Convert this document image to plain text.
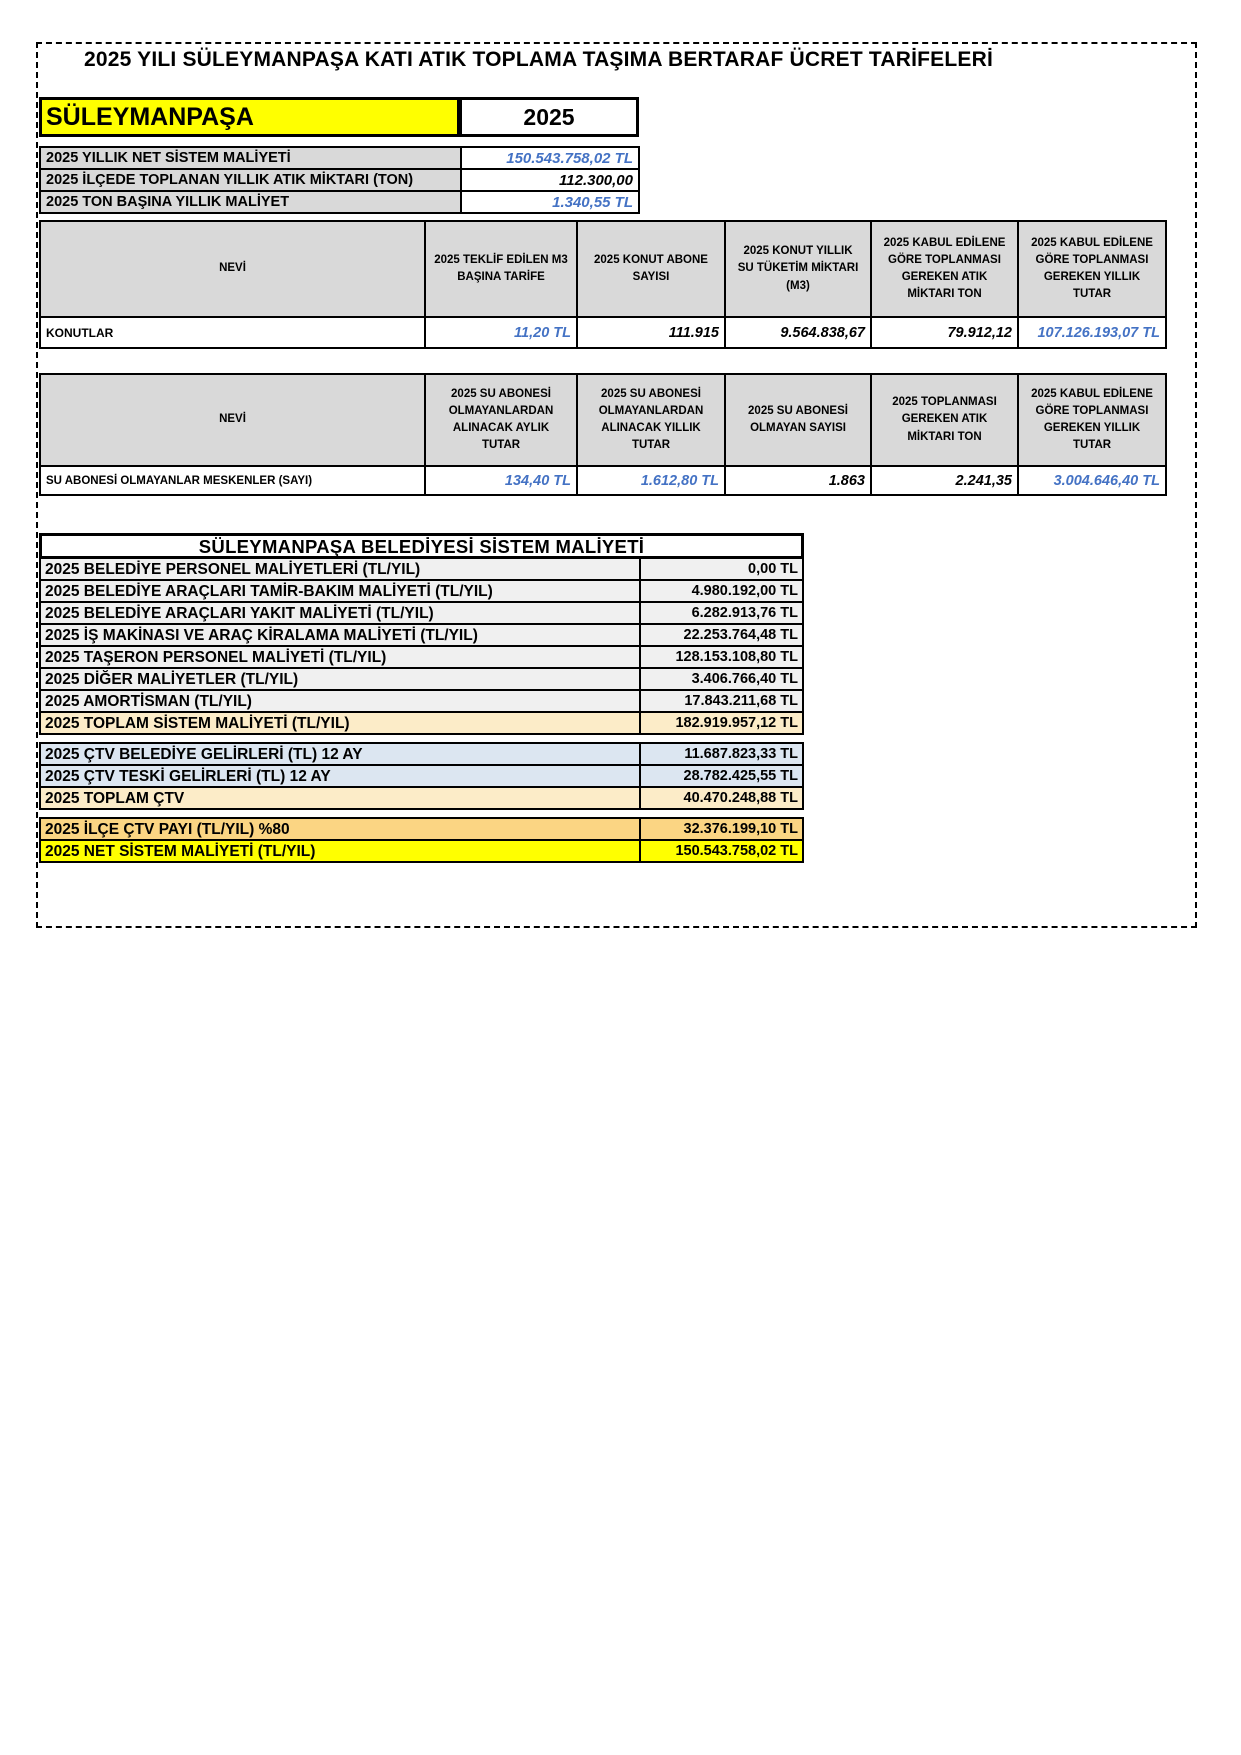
2025 YILI SÜLEYMANPAŞA KATI ATIK TOPLAMA TAŞIMA BERTARAF ÜCRET TARİFELERİ
SÜLEYMANPAŞA	2025
2025 YILLIK NET SİSTEM MALİYETİ	150.543.758,02 TL
2025 İLÇEDE TOPLANAN YILLIK ATIK MİKTARI (TON)	112.300,00
2025 TON BAŞINA YILLIK MALİYET	1.340,55 TL
NEVİ	2025 TEKLİF EDİLEN M3 BAŞINA TARİFE	2025 KONUT ABONE SAYISI	2025 KONUT YILLIK SU TÜKETİM MİKTARI (M3)	2025 KABUL EDİLENE GÖRE TOPLANMASI GEREKEN ATIK MİKTARI TON	2025 KABUL EDİLENE GÖRE TOPLANMASI GEREKEN YILLIK TUTAR
KONUTLAR	11,20 TL	111.915	9.564.838,67	79.912,12	107.126.193,07 TL
NEVİ	2025 SU ABONESİ OLMAYANLARDAN ALINACAK AYLIK TUTAR	2025 SU ABONESİ OLMAYANLARDAN ALINACAK YILLIK TUTAR	2025 SU ABONESİ OLMAYAN SAYISI	2025 TOPLANMASI GEREKEN ATIK MİKTARI TON	2025 KABUL EDİLENE GÖRE TOPLANMASI GEREKEN YILLIK TUTAR
SU ABONESİ OLMAYANLAR MESKENLER (SAYI)	134,40 TL	1.612,80 TL	1.863	2.241,35	3.004.646,40 TL
SÜLEYMANPAŞA BELEDİYESİ SİSTEM MALİYETİ
2025 BELEDİYE PERSONEL MALİYETLERİ (TL/YIL)	0,00 TL
2025 BELEDİYE ARAÇLARI TAMİR-BAKIM MALİYETİ (TL/YIL)	4.980.192,00 TL
2025 BELEDİYE ARAÇLARI YAKIT MALİYETİ (TL/YIL)	6.282.913,76 TL
2025 İŞ MAKİNASI VE ARAÇ KİRALAMA MALİYETİ (TL/YIL)	22.253.764,48 TL
2025 TAŞERON PERSONEL MALİYETİ (TL/YIL)	128.153.108,80 TL
2025 DİĞER MALİYETLER (TL/YIL)	3.406.766,40 TL
2025 AMORTİSMAN (TL/YIL)	17.843.211,68 TL
2025 TOPLAM SİSTEM MALİYETİ (TL/YIL)	182.919.957,12 TL
2025 ÇTV BELEDİYE GELİRLERİ (TL) 12 AY	11.687.823,33 TL
2025 ÇTV TESKİ GELİRLERİ (TL) 12 AY	28.782.425,55 TL
2025 TOPLAM ÇTV	40.470.248,88 TL
2025 İLÇE ÇTV PAYI (TL/YIL) %80	32.376.199,10 TL
2025 NET SİSTEM MALİYETİ (TL/YIL)	150.543.758,02 TL
